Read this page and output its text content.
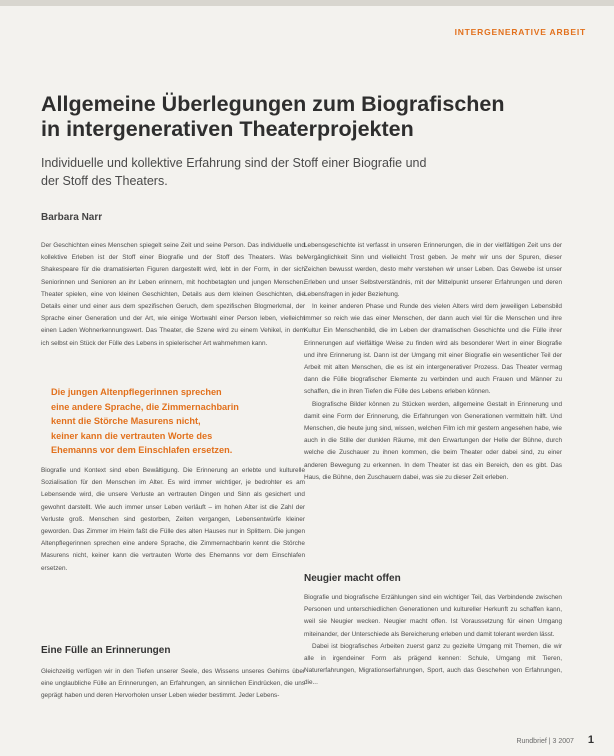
INTERGENERATIVE ARBEIT
Allgemeine Überlegungen zum Biografischen
in intergenerativen Theaterprojekten

Individuelle und kollektive Erfahrung sind der Stoff einer Biografie und
der Stoff des Theaters.

Barbara Narr

Der Geschichten eines Menschen spiegelt seine Zeit und seine Person. Das individuelle und kollektive Erleben ist der Stoff einer Biografie und der Stoff des Theaters. Was bei Shakespeare für die dramatisierten Figuren dargestellt wird, lebt in der Form, in der sich Seniorinnen und Senioren an ihr Leben erinnern, mit hochbetagten und jungen Menschen. Theater spielen, eine von kleinen Geschichten, Details aus dem kleinen Geschichten, die Details einer und einer aus dem spezifischen Geruch, dem spezifischen Blogmerkmal, der Sprache einer Generation und der Art, wie einige Wortwahl einer Person leben, vielleicht einen Laden Wohnerkennungswert. Das Theater, die Szene wird zu einem Vehikel, in dem ich selbst ein Stück der Fülle des Lebens in spielerischer Art wahrnehmen kann.

Die jungen Altenpflegerinnen sprechen
eine andere Sprache, die Zimmernachbarin
kennt die Störche Masurens nicht,
keiner kann die vertrauten Worte des
Ehemanns vor dem Einschlafen ersetzen.

Biografie und Kontext sind eben Bewältigung. Die Erinnerung an erlebte und kulturelle Sozialisation für den Menschen im Alter. Es wird immer wichtiger, je bedrohter es am Lebensende wird, die unsere Verluste an vertrauten Dingen und Sinn als gesichert und gewohnt darstellt. Wie auch immer unser Leben verläuft – im hohen Alter ist die Zahl der Verluste groß. Menschen sind gestorben, Zeiten vergangen, Lebensentwürfe kleiner geworden. Das Zimmer im Heim faßt die Fülle des alten Hauses nur in Splittern. Die jungen Altenpflegerinnen sprechen eine andere Sprache, die Zimmernachbarin kennt die Störche Masurens nicht, keiner kann die vertrauten Worte des Ehemanns vor dem Einschlafen ersetzen.

Eine Fülle an Erinnerungen

Gleichzeitig verfügen wir in den Tiefen unserer Seele, des Wissens unseres Gehirns über eine unglaubliche Fülle an Erinnerungen, an Erfahrungen, an sinnlichen Eindrücken, die uns geprägt haben und deren Hervorholen unser Leben wieder bestimmt. Jeder Lebens-

Lebensgeschichte ist verfasst in unseren Erinnerungen, die in der vielfältigen Zeit uns der Vergänglichkeit Sinn und vielleicht Trost geben. Je mehr wir uns der Spuren, dieser Zeichen bewusst werden, desto mehr verstehen wir unser Leben. Das Gewebe ist unser Erleben und unser Selbstverständnis, mit der Mittelpunkt unserer Erfahrungen und deren Lebensfragen in jeder Beziehung.

In keiner anderen Phase und Runde des vielen Alters wird dem jeweiligen Lebensbild immer so reich wie das einer Menschen, der dann auch viel für die Menschen und ihre Kultur Ein Menschenbild, die im Leben der dramatischen Geschichte und die Fülle ihrer Erinnerungen auf vielfältige Weise zu finden wird als besonderer Wert in einer Biografie und ihre Erinnerung ist. Dann ist der Umgang mit einer Biografie ein wesentlicher Teil der Arbeit mit alten Menschen, die es ist ein intergenerativer Prozess. Das Theater vermag dann die Fülle biografischer Elemente zu verbinden und auch Frauen und Männer zu schaffen, die in ihren Tiefen die Fülle des Lebens erleben können.

Biografische Bilder können zu Stücken werden, allgemeine Gestalt in Erinnerung und damit eine Form der Erinnerung, die Erfahrungen von Generationen vermitteln hilft. Und Menschen, die heute jung sind, wissen, welchen Film ich mir gestern angesehen habe, wie auch in die Stille der dunklen Räume, mit den Erwartungen der Helle der Bühne, durch welche die Zuschauer zu ihnen kommen, die beim Theater oder dabei sind, zu einer anderen Bewegung zu erkennen. In dem Theater ist das ein Bereich, den es gibt. Das Haus, die Bühne, den Zuschauern dabei, was sie zu dieser Zeit erleben.

Neugier macht offen

Biografie und biografische Erzählungen sind ein wichtiger Teil, das Verbindende zwischen Personen und unterschiedlichen Generationen und kultureller Herkunft zu schaffen kann, weil sie Neugier wecken. Neugier macht offen. Ist Voraussetzung für einen Umgang miteinander, der Unterschiede als Bereicherung erleben und damit tolerant werden lässt.

Dabei ist biografisches Arbeiten zuerst ganz zu gezielte Umgang mit Themen, die wir alle in irgendeiner Form als prägend kennen: Schule, Umgang mit Tieren, Naturerfahrungen, Migrationserfahrungen, Sport, auch das Geschehen von Erfahrungen, die...

Rundbrief | 3 2007 1
